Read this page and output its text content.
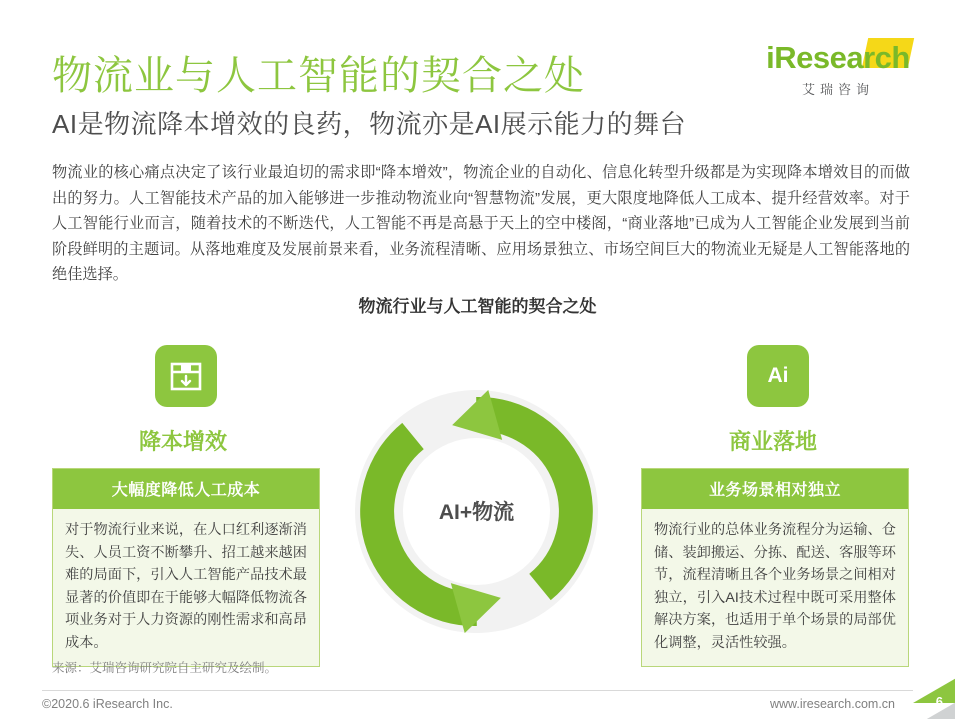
iResearch
艾瑞咨询
物流业与人工智能的契合之处
AI是物流降本增效的良药，物流亦是AI展示能力的舞台
物流业的核心痛点决定了该行业最迫切的需求即“降本增效”，物流企业的自动化、信息化转型升级都是为实现降本增效目的而做出的努力。人工智能技术产品的加入能够进一步推动物流业向“智慧物流”发展，更大限度地降低人工成本、提升经营效率。对于人工智能行业而言，随着技术的不断迭代，人工智能不再是高悬于天上的空中楼阁，“商业落地”已成为人工智能企业发展到当前阶段鲜明的主题词。从落地难度及发展前景来看，业务流程清晰、应用场景独立、市场空间巨大的物流业无疑是人工智能落地的绝佳选择。
物流行业与人工智能的契合之处
AI+物流
Ai
降本增效	商业落地
大幅度降低人工成本
对于物流行业来说，在人口红利逐渐消失、人员工资不断攀升、招工越来越困难的局面下，引入人工智能产品技术最显著的价值即在于能够大幅降低物流各项业务对于人力资源的刚性需求和高昂成本。
业务场景相对独立
物流行业的总体业务流程分为运输、仓储、装卸搬运、分拣、配送、客服等环节，流程清晰且各个业务场景之间相对独立，引入AI技术过程中既可采用整体解决方案，也适用于单个场景的局部优化调整，灵活性较强。
来源：艾瑞咨询研究院自主研究及绘制。
©2020.6 iResearch Inc.	www.iresearch.com.cn	6
